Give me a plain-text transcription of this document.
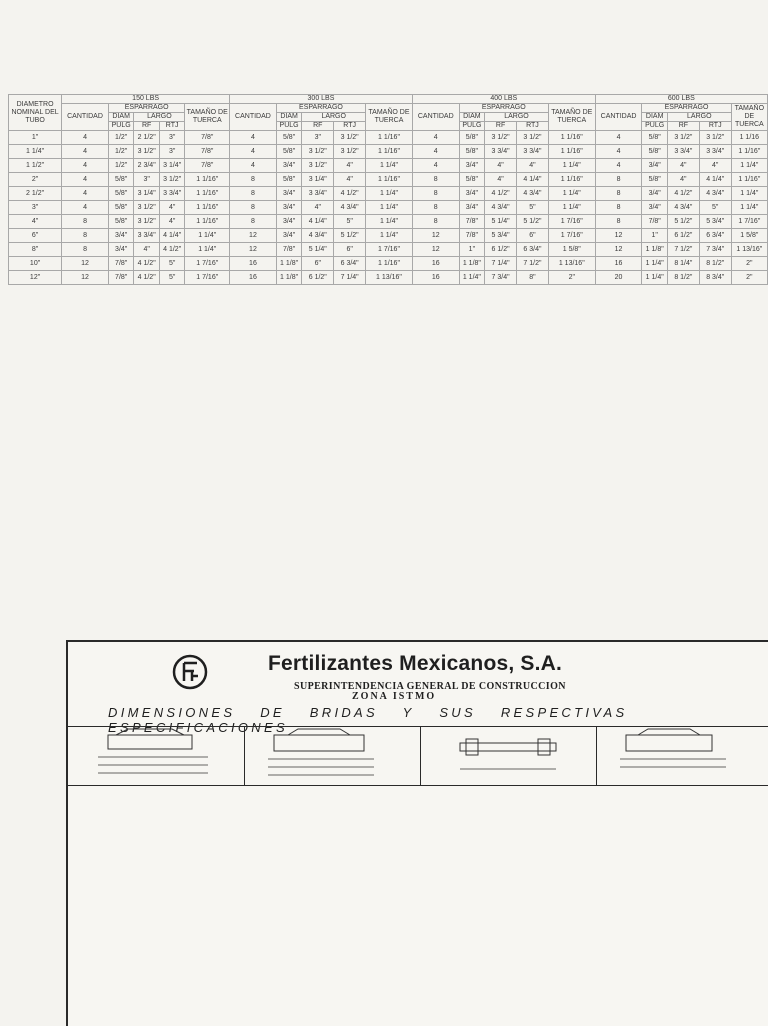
DIAMETRO NOMINAL DEL TUBO	150 LBS					300 LBS					400 LBS					600 LBS				
	CANTIDAD	ESPARRAGO			TAMAÑO DE TUERCA	CANTIDAD	ESPARRAGO			TAMAÑO DE TUERCA	CANTIDAD	ESPARRAGO			TAMAÑO DE TUERCA	CANTIDAD	ESPARRAGO			TAMAÑO DE TUERCA
		DIAM	LARGO				DIAM	LARGO				DIAM	LARGO				DIAM	LARGO		
		PULG	RF	RTJ			PULG	RF	RTJ			PULG	RF	RTJ			PULG	RF	RTJ	
1"	4	1/2"	2 1/2"	3"	7/8"	4	5/8"	3"	3 1/2"	1 1/16"	4	5/8"	3 1/2"	3 1/2"	1 1/16"	4	5/8"	3 1/2"	3 1/2"	1 1/16
1 1/4"	4	1/2"	3 1/2"	3"	7/8"	4	5/8"	3 1/2"	3 1/2"	1 1/16"	4	5/8"	3 3/4"	3 3/4"	1 1/16"	4	5/8"	3 3/4"	3 3/4"	1 1/16"
1 1/2"	4	1/2"	2 3/4"	3 1/4"	7/8"	4	3/4"	3 1/2"	4"	1 1/4"	4	3/4"	4"	4"	1 1/4"	4	3/4"	4"	4"	1 1/4"
2"	4	5/8"	3"	3 1/2"	1 1/16"	8	5/8"	3 1/4"	4"	1 1/16"	8	5/8"	4"	4 1/4"	1 1/16"	8	5/8"	4"	4 1/4"	1 1/16"
2 1/2"	4	5/8"	3 1/4"	3 3/4"	1 1/16"	8	3/4"	3 3/4"	4 1/2"	1 1/4"	8	3/4"	4 1/2"	4 3/4"	1 1/4"	8	3/4"	4 1/2"	4 3/4"	1 1/4"
3"	4	5/8"	3 1/2"	4"	1 1/16"	8	3/4"	4"	4 3/4"	1 1/4"	8	3/4"	4 3/4"	5"	1 1/4"	8	3/4"	4 3/4"	5"	1 1/4"
4"	8	5/8"	3 1/2"	4"	1 1/16"	8	3/4"	4 1/4"	5"	1 1/4"	8	7/8"	5 1/4"	5 1/2"	1 7/16"	8	7/8"	5 1/2"	5 3/4"	1 7/16"
6"	8	3/4"	3 3/4"	4 1/4"	1 1/4"	12	3/4"	4 3/4"	5 1/2"	1 1/4"	12	7/8"	5 3/4"	6"	1 7/16"	12	1"	6 1/2"	6 3/4"	1 5/8"
8"	8	3/4"	4"	4 1/2"	1 1/4"	12	7/8"	5 1/4"	6"	1 7/16"	12	1"	6 1/2"	6 3/4"	1 5/8"	12	1 1/8"	7 1/2"	7 3/4"	1 13/16"
10"	12	7/8"	4 1/2"	5"	1 7/16"	16	1 1/8"	6"	6 3/4"	1 1/16"	16	1 1/8"	7 1/4"	7 1/2"	1 13/16"	16	1 1/4"	8 1/4"	8 1/2"	2"
12"	12	7/8"	4 1/2"	5"	1 7/16"	16	1 1/8"	6 1/2"	7 1/4"	1 13/16"	16	1 1/4"	7 3/4"	8"	2"	20	1 1/4"	8 1/2"	8 3/4"	2"
Fertilizantes Mexicanos, S.A.
SUPERINTENDENCIA GENERAL DE CONSTRUCCION
ZONA ISTMO
DIMENSIONES DE BRIDAS Y SUS RESPECTIVAS ESPECIFICACIONES
